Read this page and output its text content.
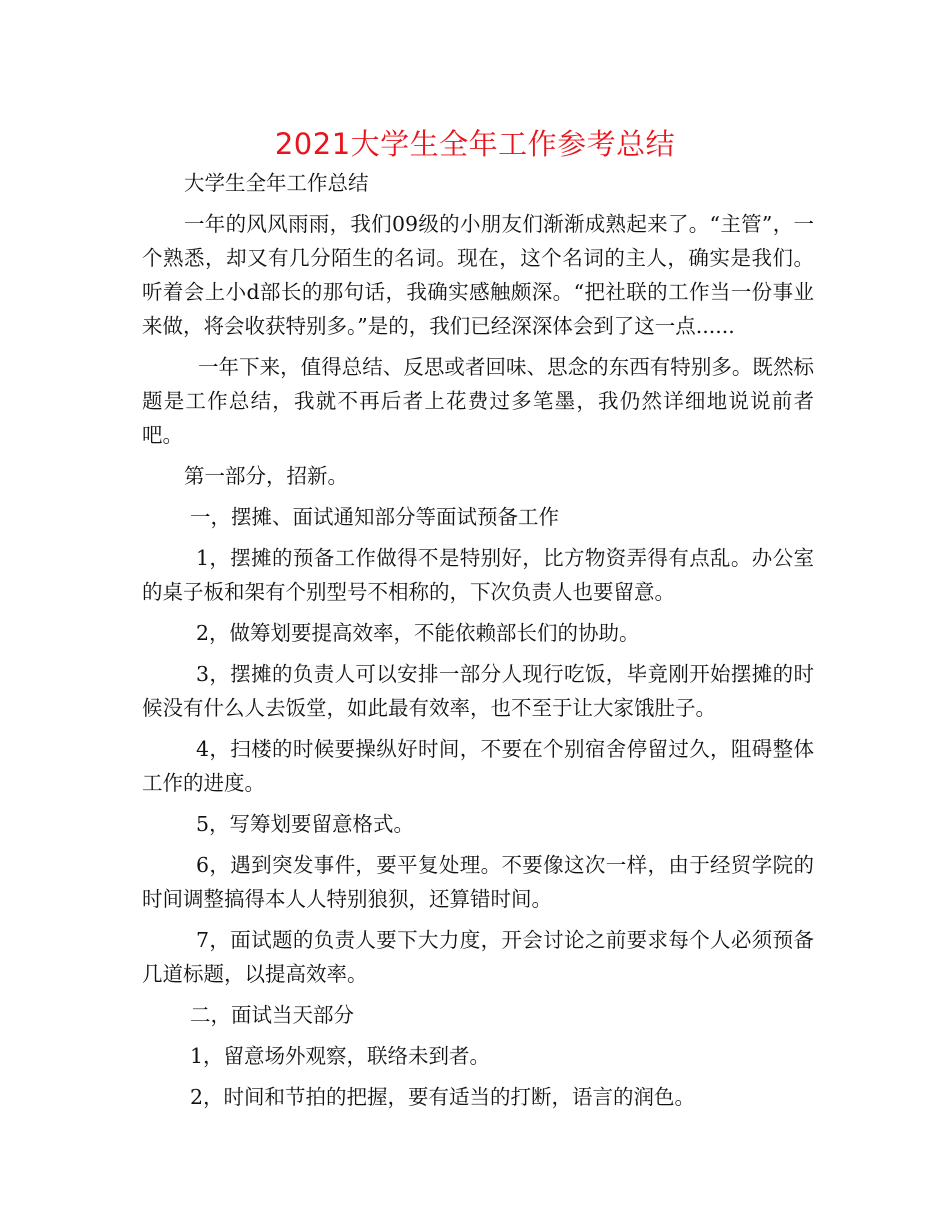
2021大学生全年工作参考总结

大学生全年工作总结

一年的风风雨雨，我们09级的小朋友们渐渐成熟起来了。“主管”，一个熟悉，却又有几分陌生的名词。现在，这个名词的主人，确实是我们。听着会上小d部长的那句话，我确实感触颇深。“把社联的工作当一份事业来做，将会收获特别多。”是的，我们已经深深体会到了这一点......

一年下来，值得总结、反思或者回味、思念的东西有特别多。既然标题是工作总结，我就不再后者上花费过多笔墨，我仍然详细地说说前者吧。

第一部分，招新。

一，摆摊、面试通知部分等面试预备工作

1，摆摊的预备工作做得不是特别好，比方物资弄得有点乱。办公室的桌子板和架有个别型号不相称的，下次负责人也要留意。

2，做筹划要提高效率，不能依赖部长们的协助。

3，摆摊的负责人可以安排一部分人现行吃饭，毕竟刚开始摆摊的时候没有什么人去饭堂，如此最有效率，也不至于让大家饿肚子。

4，扫楼的时候要操纵好时间，不要在个别宿舍停留过久，阻碍整体工作的进度。

5，写筹划要留意格式。

6，遇到突发事件，要平复处理。不要像这次一样，由于经贸学院的时间调整搞得本人人特别狼狈，还算错时间。

7，面试题的负责人要下大力度，开会讨论之前要求每个人必须预备几道标题，以提高效率。

二，面试当天部分

1，留意场外观察，联络未到者。

2，时间和节拍的把握，要有适当的打断，语言的润色。
